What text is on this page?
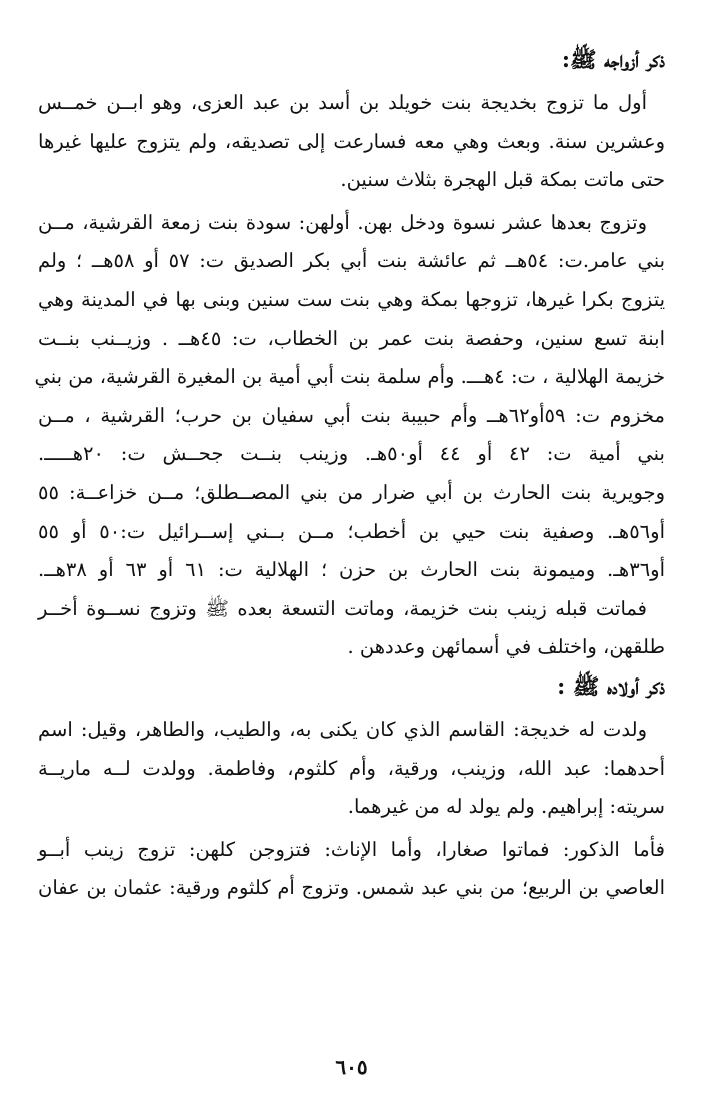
ذكر أزواجه ﷺ:
أول ما تزوج بخديجة بنت خويلد بن أسد بن عبد العزى، وهو ابــن خمــس
وعشرين سنة. وبعث وهي معه فسارعت إلى تصديقه، ولم يتزوج عليها غيرها
حتى ماتت بمكة قبل الهجرة بثلاث سنين.
وتزوج بعدها عشر نسوة ودخل بهن. أولهن: سودة بنت زمعة القرشية، مــن
بني عامر.ت: ٥٤هــ ثم عائشة بنت أبي بكر الصديق ت: ٥٧ أو ٥٨هــ ؛ ولم
يتزوج بكرا غيرها، تزوجها بمكة وهي بنت ست سنين وبنى بها في المدينة وهي
ابنة تسع سنين، وحفصة بنت عمر بن الخطاب، ت: ٤٥هــ . وزيــنب بنــت
خزيمة الهلالية ، ت: ٤هـــ. وأم سلمة بنت أبي أمية بن المغيرة القرشية، من بني
مخزوم ت: ٥٩أو٦٢هــ وأم حبيبة بنت أبي سفيان بن حرب؛ القرشية ، مــن
بني أمية ت: ٤٢ أو ٤٤ أو٥٠هـ. وزينب بنــت جحــش ت: ٢٠هـــــ.
وجويرية بنت الحارث بن أبي ضرار من بني المصــطلق؛ مــن خزاعــة: ٥٥
أو٥٦هـ. وصفية بنت حيي بن أخطب؛ مــن بــني إســرائيل ت:٥٠ أو ٥٥
أو٣٦هـ. وميمونة بنت الحارث بن حزن ؛ الهلالية ت: ٦١ أو ٦٣ أو ٣٨هــ.
فماتت قبله زينب بنت خزيمة، وماتت التسعة بعده ﷺ وتزوج نســوة أخــر
طلقهن، واختلف في أسمائهن وعددهن .
ذكر أولاده ﷺ :
ولدت له خديجة: القاسم الذي كان يكنى به، والطيب، والطاهر، وقيل: اسم
أحدهما: عبد الله، وزينب، ورقية، وأم كلثوم، وفاطمة. وولدت لــه ماريــة
سريته: إبراهيم. ولم يولد له من غيرهما.
فأما الذكور: فماتوا صغارا، وأما الإناث: فتزوجن كلهن: تزوج زينب أبــو
العاصي بن الربيع؛ من بني عبد شمس. وتزوج أم كلثوم ورقية: عثمان بن عفان
٦٠٥
